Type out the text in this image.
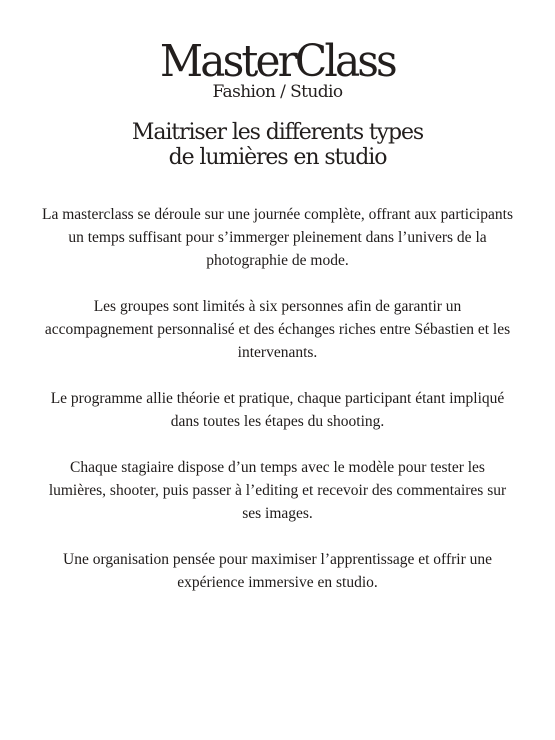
MasterClass
Fashion / Studio
Maitriser les differents types
de lumières en studio

La masterclass se déroule sur une journée complète, offrant aux participants un temps suffisant pour s’immerger pleinement dans l’univers de la photographie de mode.

Les groupes sont limités à six personnes afin de garantir un accompagnement personnalisé et des échanges riches entre Sébastien et les intervenants.

Le programme allie théorie et pratique, chaque participant étant impliqué dans toutes les étapes du shooting.

Chaque stagiaire dispose d’un temps avec le modèle pour tester les lumières, shooter, puis passer à l’editing et recevoir des commentaires sur ses images.

Une organisation pensée pour maximiser l’apprentissage et offrir une expérience immersive en studio.
